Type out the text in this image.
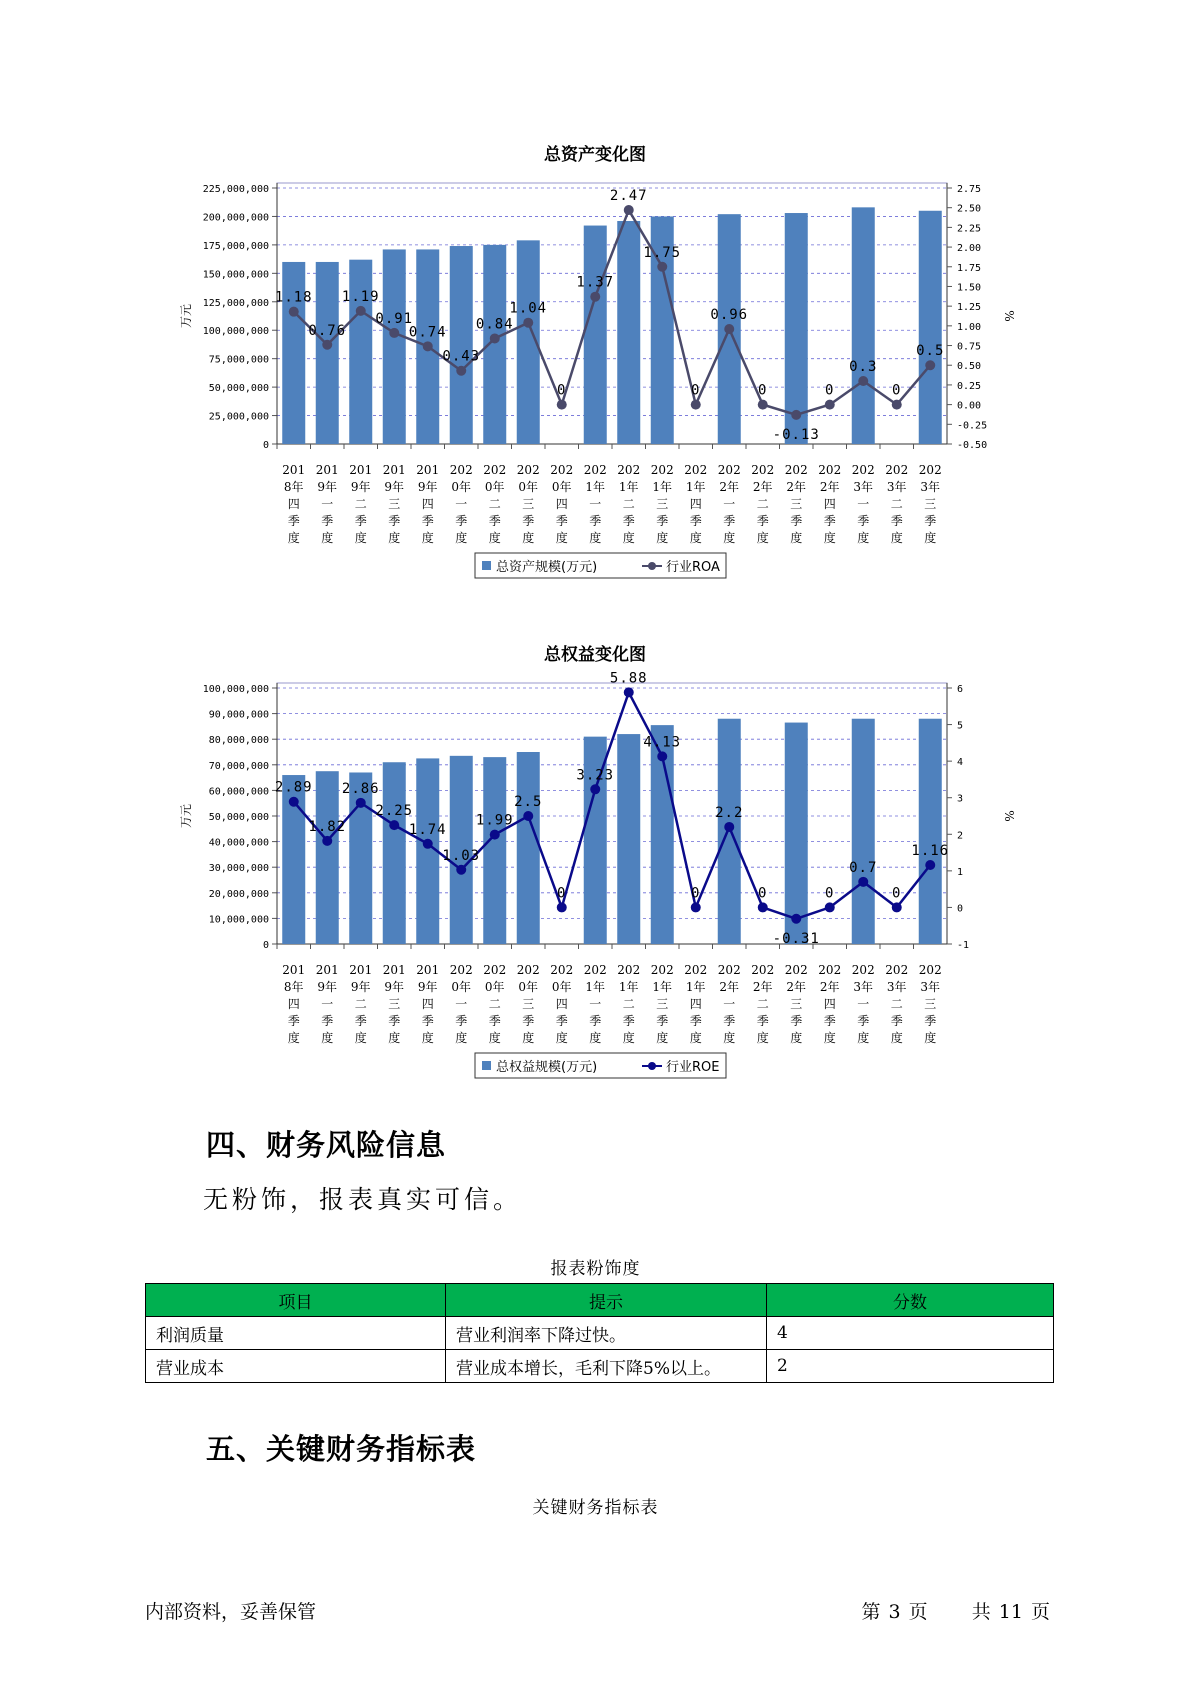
总资产变化图
0
25,000,000
50,000,000
75,000,000
100,000,000
125,000,000
150,000,000
175,000,000
200,000,000
225,000,000
-0.50
-0.25
0.00
0.25
0.50
0.75
1.00
1.25
1.50
1.75
2.00
2.25
2.50
2.75
万元	%
1.18
0.76
1.19
0.91
0.74
0.43
0.84
1.04
0
1.37
2.47
1.75
0
0.96
0
-0.13
0
0.3
0
0.5
201
8年
四
季
度
201
9年
一
季
度
201
9年
二
季
度
201
9年
三
季
度
201
9年
四
季
度
202
0年
一
季
度
202
0年
二
季
度
202
0年
三
季
度
202
0年
四
季
度
202
1年
一
季
度
202
1年
二
季
度
202
1年
三
季
度
202
1年
四
季
度
202
2年
一
季
度
202
2年
二
季
度
202
2年
三
季
度
202
2年
四
季
度
202
3年
一
季
度
202
3年
二
季
度
202
3年
三
季
度
总资产规模(万元)	行业ROA
总权益变化图
0
10,000,000
20,000,000
30,000,000
40,000,000
50,000,000
60,000,000
70,000,000
80,000,000
90,000,000
100,000,000
-1
0
1
2
3
4
5
6
万元	%
2.89
1.82
2.86
2.25
1.74
1.03
1.99
2.5
0
3.23
5.88
4.13
0
2.2
0
-0.31
0
0.7
0
1.16
201
8年
四
季
度
201
9年
一
季
度
201
9年
二
季
度
201
9年
三
季
度
201
9年
四
季
度
202
0年
一
季
度
202
0年
二
季
度
202
0年
三
季
度
202
0年
四
季
度
202
1年
一
季
度
202
1年
二
季
度
202
1年
三
季
度
202
1年
四
季
度
202
2年
一
季
度
202
2年
二
季
度
202
2年
三
季
度
202
2年
四
季
度
202
3年
一
季
度
202
3年
二
季
度
202
3年
三
季
度
总权益规模(万元)	行业ROE
四、财务风险信息
无粉饰，报表真实可信。
报表粉饰度
项目	提示	分数
利润质量	营业利润率下降过快。	4
营业成本	营业成本增长，毛利下降5%以上。	2
五、关键财务指标表
关键财务指标表
内部资料，妥善保管	第 3 页 共 11 页
